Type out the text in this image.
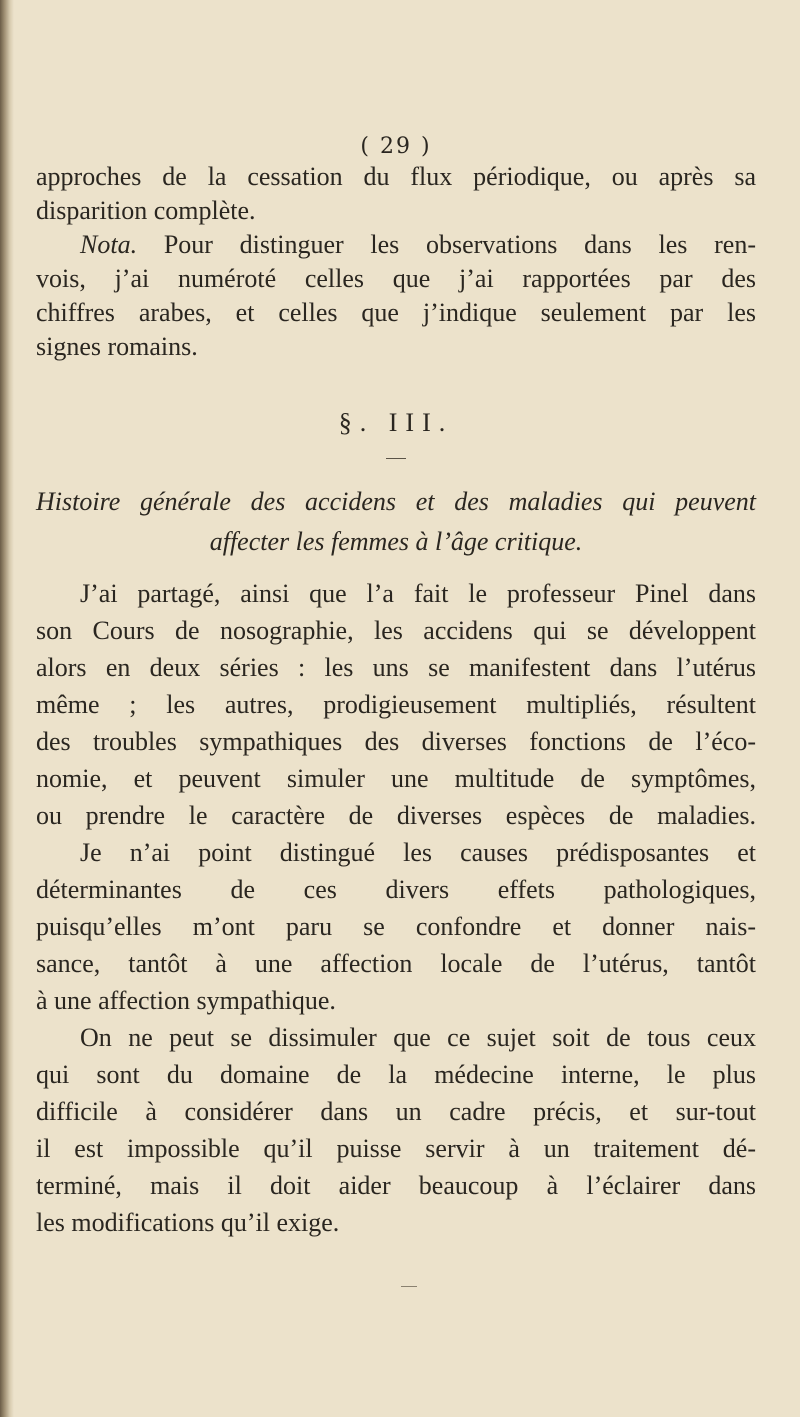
( 29 )
approches de la cessation du flux périodique, ou après sa
disparition complète.
Nota. Pour distinguer les observations dans les ren-
vois, j’ai numéroté celles que j’ai rapportées par des
chiffres arabes, et celles que j’indique seulement par les
signes romains.
§. III.
Histoire générale des accidens et des maladies qui peuvent
affecter les femmes à l’âge critique.
J’ai partagé, ainsi que l’a fait le professeur Pinel dans
son Cours de nosographie, les accidens qui se développent
alors en deux séries : les uns se manifestent dans l’utérus
même ; les autres, prodigieusement multipliés, résultent
des troubles sympathiques des diverses fonctions de l’éco-
nomie, et peuvent simuler une multitude de symptômes,
ou prendre le caractère de diverses espèces de maladies.
Je n’ai point distingué les causes prédisposantes et
déterminantes de ces divers effets pathologiques,
puisqu’elles m’ont paru se confondre et donner nais-
sance, tantôt à une affection locale de l’utérus, tantôt
à une affection sympathique.
On ne peut se dissimuler que ce sujet soit de tous ceux
qui sont du domaine de la médecine interne, le plus
difficile à considérer dans un cadre précis, et sur-tout
il est impossible qu’il puisse servir à un traitement dé-
terminé, mais il doit aider beaucoup à l’éclairer dans
les modifications qu’il exige.
